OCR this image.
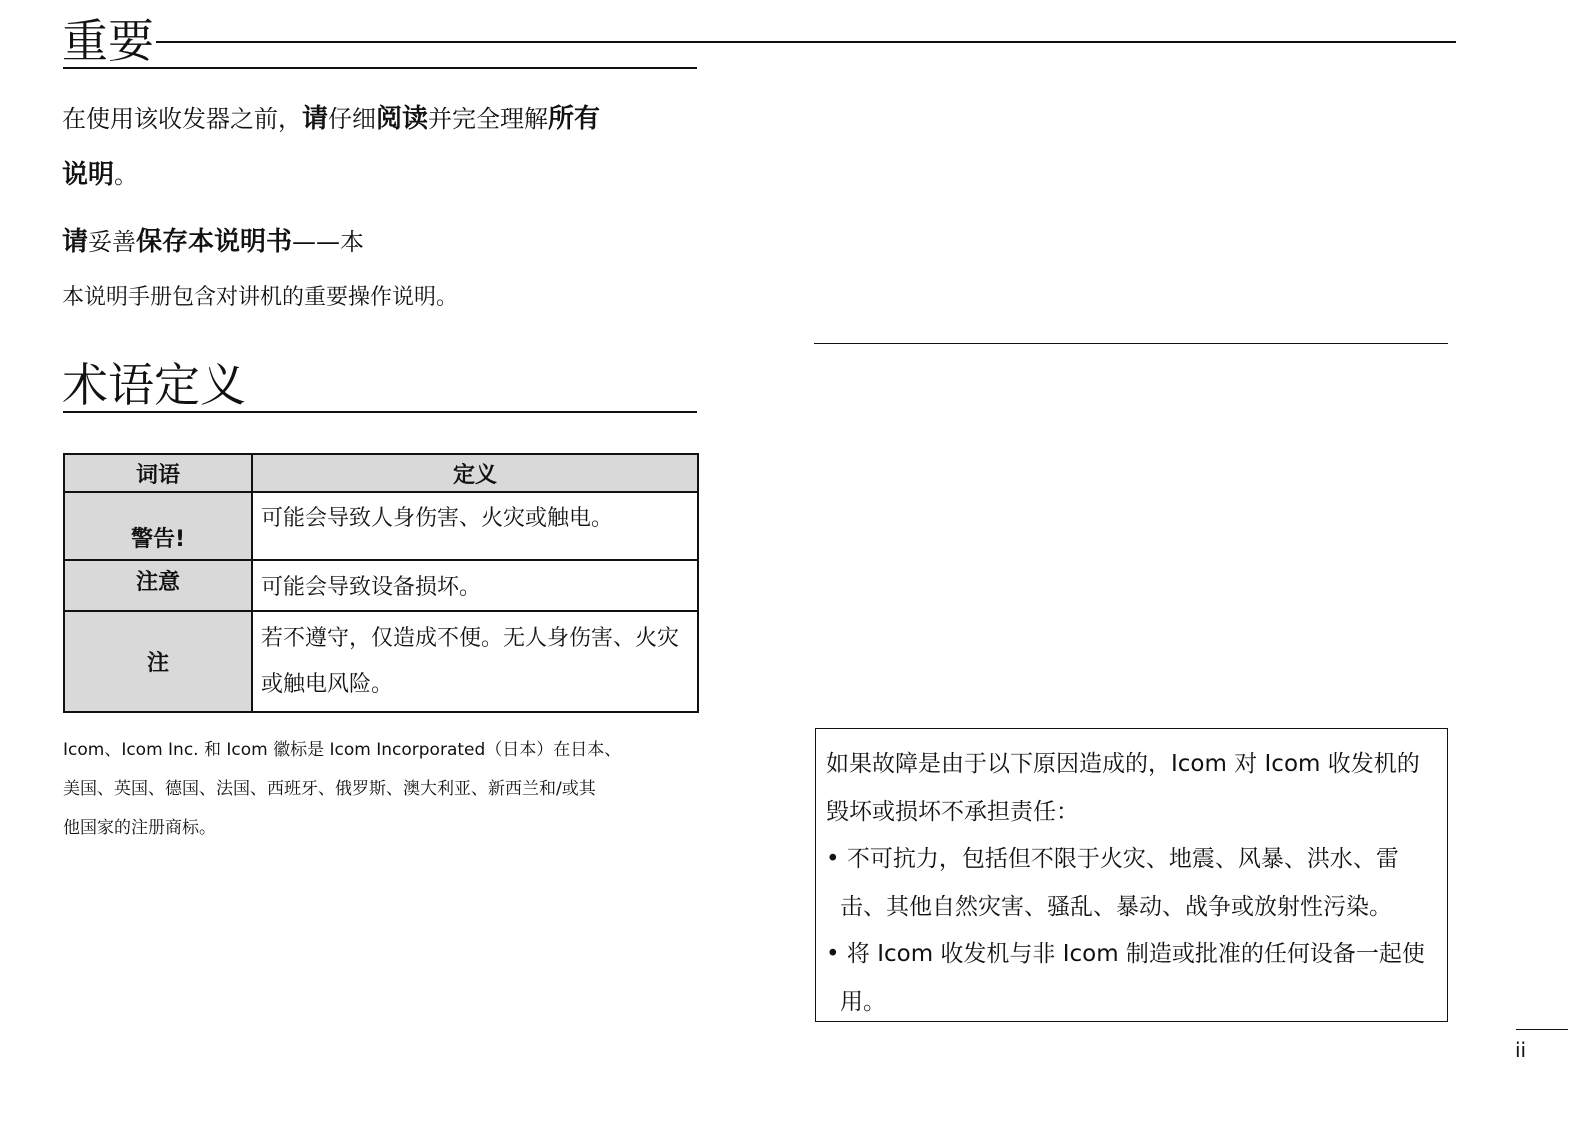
重要
在使用该收发器之前，请仔细阅读并完全理解所有
说明。
请妥善保存本说明书——本
本说明手册包含对讲机的重要操作说明。
术语定义
词语	定义
警告!	可能会导致人身伤害、火灾或触电。
注意	可能会导致设备损坏。
注	若不遵守，仅造成不便。无人身伤害、火灾或触电风险。
Icom、Icom Inc. 和 Icom 徽标是 Icom Incorporated（日本）在日本、
美国、英国、德国、法国、西班牙、俄罗斯、澳大利亚、新西兰和/或其
他国家的注册商标。

如果故障是由于以下原因造成的，Icom 对 Icom 收发机的毁坏或损坏不承担责任：

• 不可抗力，包括但不限于火灾、地震、风暴、洪水、雷击、其他自然灾害、骚乱、暴动、战争或放射性污染。

• 将 Icom 收发机与非 Icom 制造或批准的任何设备一起使用。

ii
